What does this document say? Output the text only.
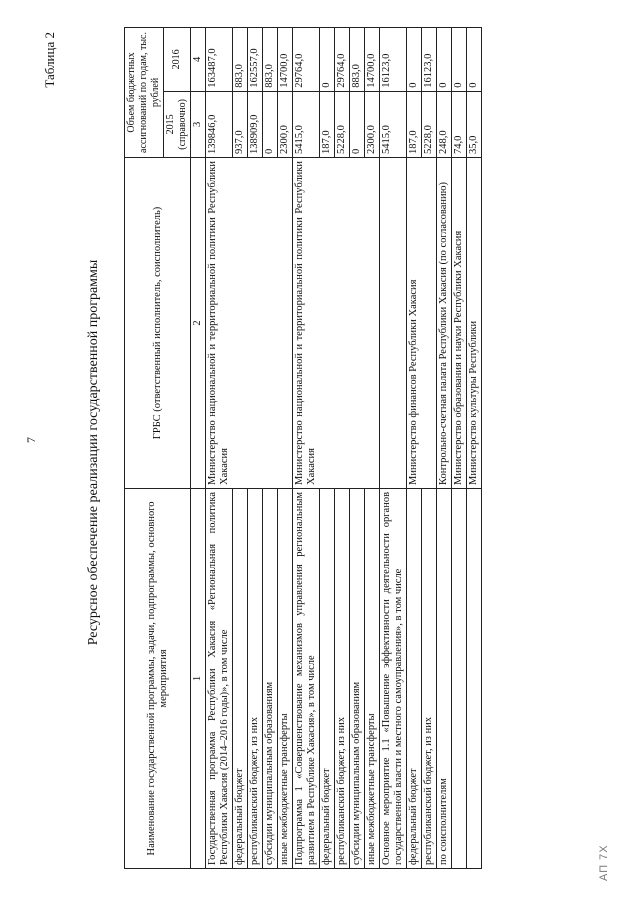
7
Таблица 2
Ресурсное обеспечение реализации государственной программы
АП 7Х
Наименование государственной программы, задачи, подпрограммы, основного мероприятия	ГРБС (ответственный исполнитель, соисполнитель)	Объем бюджетных ассигнований по годам, тыс. рублей	
		2015 (справочно)	2016
1	2	3	4
Государственная программа Республики Хакасия «Региональная политика Республики Хакасия (2014–2016 годы)», в том числе	Министерство национальной и территориальной политики Республики Хакасия	139846,0	163487,0
федеральный бюджет		937,0	883,0
республиканский бюджет, из них		138909,0	162557,0
субсидии муниципальным образованиям		0	883,0
иные межбюджетные трансферты		2300,0	14700,0
Подпрограмма 1 «Совершенствование механизмов управления региональным развитием в Республике Хакасия», в том числе	Министерство национальной и территориальной политики Республики Хакасия	5415,0	29764,0
федеральный бюджет		187,0	0
республиканский бюджет, из них		5228,0	29764,0
субсидии муниципальным образованиям		0	883,0
иные межбюджетные трансферты		2300,0	14700,0
Основное мероприятие 1.1 «Повышение эффективности деятельности органов государственной власти и местного самоуправления», в том числе		5415,0	16123,0
федеральный бюджет	Министерство финансов Республики Хакасия	187,0	0
республиканский бюджет, из них		5228,0	16123,0
по соисполнителям	Контрольно-счетная палата Республики Хакасия (по согласованию)	248,0	0
	Министерство образования и науки Республики Хакасия	74,0	0
	Министерство культуры Республики	35,0	0
